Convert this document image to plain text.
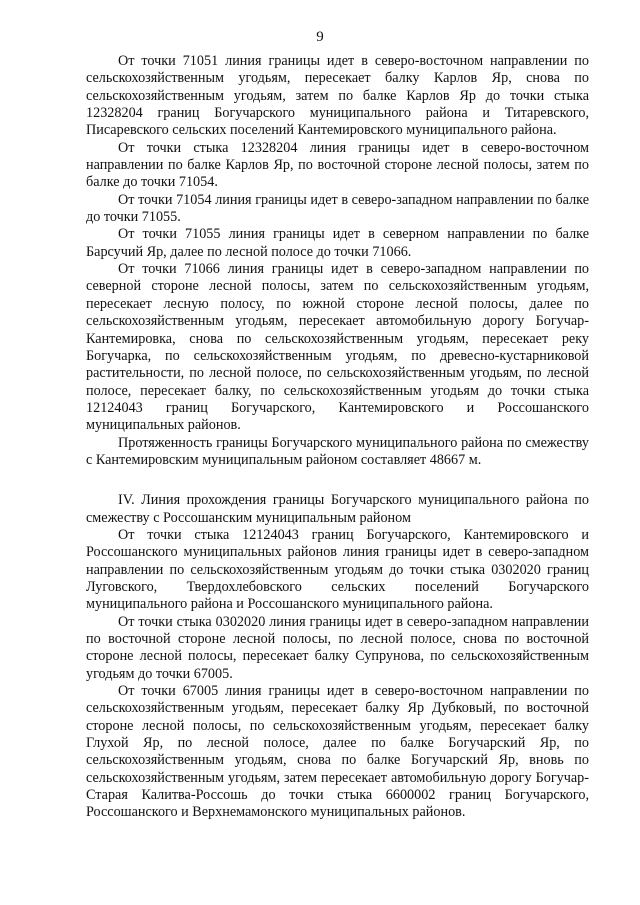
9

От точки 71051 линия границы идет в северо-восточном направлении по сельскохозяйственным угодьям, пересекает балку Карлов Яр, снова по сельскохозяйственным угодьям, затем по балке Карлов Яр до точки стыка 12328204 границ Богучарского муниципального района и Титаревского, Писаревского сельских поселений Кантемировского муниципального района.

От точки стыка 12328204 линия границы идет в северо-восточном направлении по балке Карлов Яр, по восточной стороне лесной полосы, затем по балке до точки 71054.

От точки 71054 линия границы идет в северо-западном направлении по балке до точки 71055.

От точки 71055 линия границы идет в северном направлении по балке Барсучий Яр, далее по лесной полосе до точки 71066.

От точки 71066 линия границы идет в северо-западном направлении по северной стороне лесной полосы, затем по сельскохозяйственным угодьям, пересекает лесную полосу, по южной стороне лесной полосы, далее по сельскохозяйственным угодьям, пересекает автомобильную дорогу Богучар-Кантемировка, снова по сельскохозяйственным угодьям, пересекает реку Богучарка, по сельскохозяйственным угодьям, по древесно-кустарниковой растительности, по лесной полосе, по сельскохозяйственным угодьям, по лесной полосе, пересекает балку, по сельскохозяйственным угодьям до точки стыка 12124043 границ Богучарского, Кантемировского и Россошанского муниципальных районов.

Протяженность границы Богучарского муниципального района по смежеству с Кантемировским муниципальным районом составляет 48667 м.

IV. Линия прохождения границы Богучарского муниципального района по смежеству с Россошанским муниципальным районом

От точки стыка 12124043 границ Богучарского, Кантемировского и Россошанского муниципальных районов линия границы идет в северо-западном направлении по сельскохозяйственным угодьям до точки стыка 0302020 границ Луговского, Твердохлебовского сельских поселений Богучарского муниципального района и Россошанского муниципального района.

От точки стыка 0302020 линия границы идет в северо-западном направлении по восточной стороне лесной полосы, по лесной полосе, снова по восточной стороне лесной полосы, пересекает балку Супрунова, по сельскохозяйственным угодьям до точки 67005.

От точки 67005 линия границы идет в северо-восточном направлении по сельскохозяйственным угодьям, пересекает балку Яр Дубковый, по восточной стороне лесной полосы, по сельскохозяйственным угодьям, пересекает балку Глухой Яр, по лесной полосе, далее по балке Богучарский Яр, по сельскохозяйственным угодьям, снова по балке Богучарский Яр, вновь по сельскохозяйственным угодьям, затем пересекает автомобильную дорогу Богучар-Старая Калитва-Россошь до точки стыка 6600002 границ Богучарского, Россошанского и Верхнемамонского муниципальных районов.
